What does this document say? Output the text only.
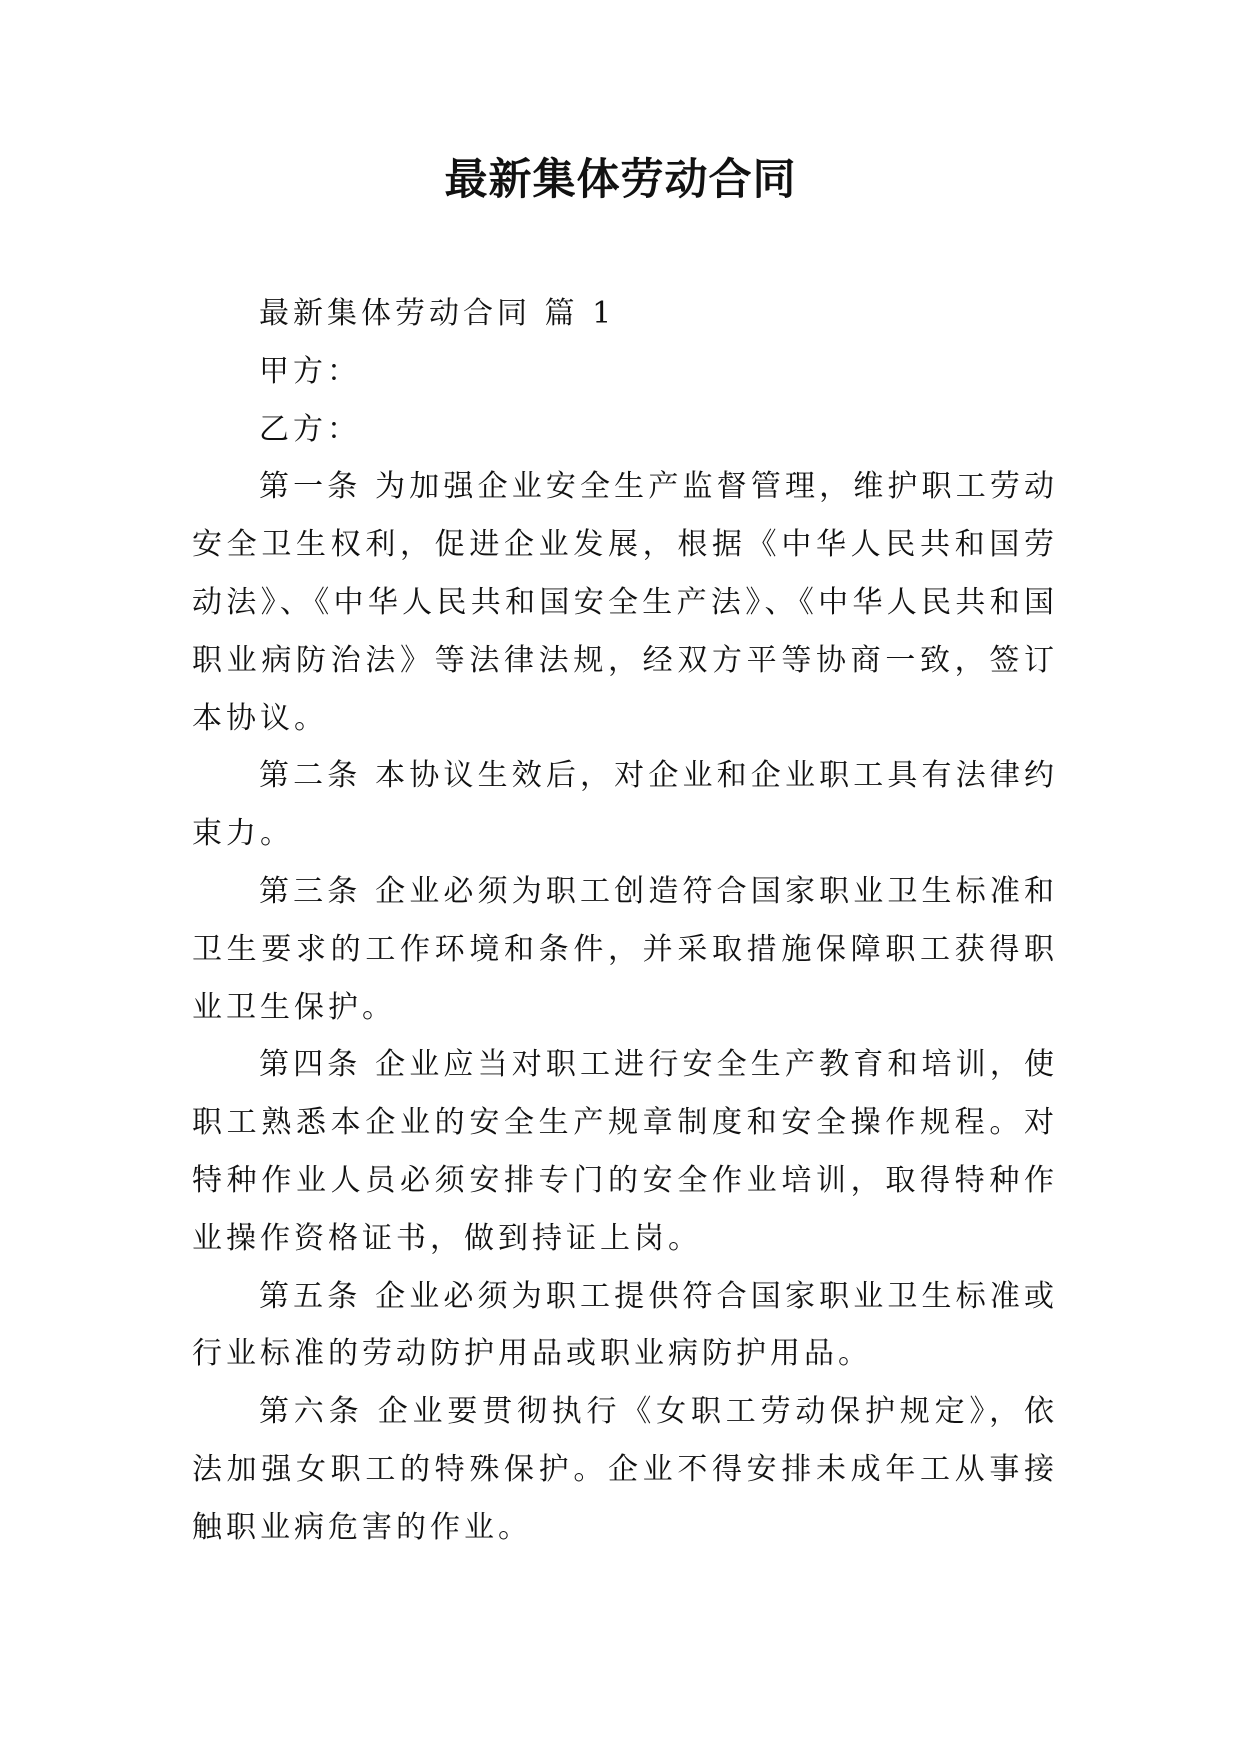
最新集体劳动合同

最新集体劳动合同 篇 1

甲方：

乙方：

第一条 为加强企业安全生产监督管理，维护职工劳动安全卫生权利，促进企业发展，根据《中华人民共和国劳动法》、《中华人民共和国安全生产法》、《中华人民共和国职业病防治法》等法律法规，经双方平等协商一致，签订本协议。

第二条 本协议生效后，对企业和企业职工具有法律约束力。

第三条 企业必须为职工创造符合国家职业卫生标准和卫生要求的工作环境和条件，并采取措施保障职工获得职业卫生保护。

第四条 企业应当对职工进行安全生产教育和培训，使职工熟悉本企业的安全生产规章制度和安全操作规程。对特种作业人员必须安排专门的安全作业培训，取得特种作业操作资格证书，做到持证上岗。

第五条 企业必须为职工提供符合国家职业卫生标准或行业标准的劳动防护用品或职业病防护用品。

第六条 企业要贯彻执行《女职工劳动保护规定》，依法加强女职工的特殊保护。企业不得安排未成年工从事接触职业病危害的作业。
